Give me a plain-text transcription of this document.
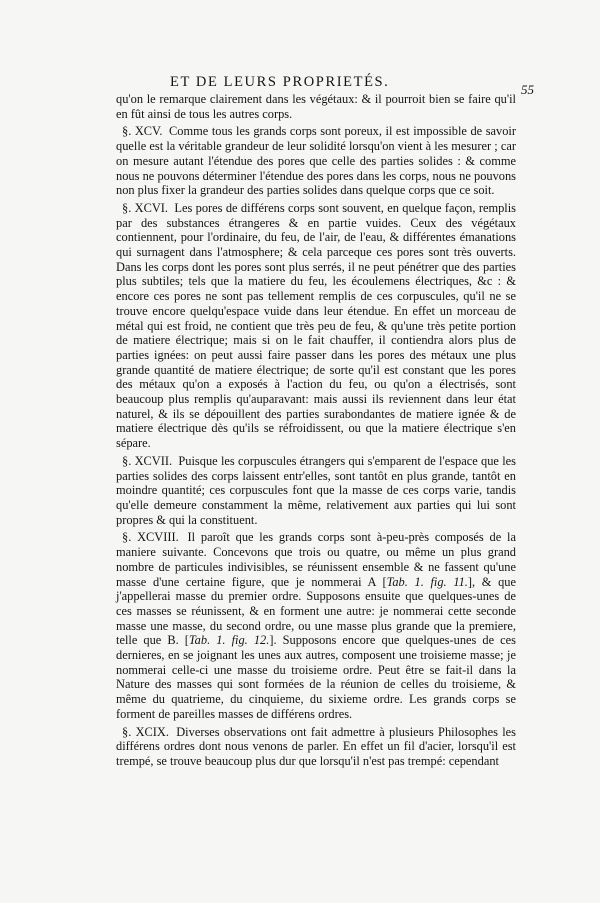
ET DE LEURS PROPRIETÉS.	55

qu'on le remarque clairement dans les végétaux: & il pourroit bien se faire qu'il en fût ainsi de tous les autres corps.

§. XCV. Comme tous les grands corps sont poreux, il est impossible de savoir quelle est la véritable grandeur de leur solidité lorsqu'on vient à les mesurer ; car on mesure autant l'étendue des pores que celle des parties solides : & comme nous ne pouvons déterminer l'étendue des pores dans les corps, nous ne pouvons non plus fixer la grandeur des parties solides dans quelque corps que ce soit.

§. XCVI. Les pores de différens corps sont souvent, en quelque façon, remplis par des substances étrangeres & en partie vuides. Ceux des végétaux contiennent, pour l'ordinaire, du feu, de l'air, de l'eau, & différentes émanations qui surnagent dans l'atmosphere; & cela parceque ces pores sont très ouverts. Dans les corps dont les pores sont plus serrés, il ne peut pénétrer que des parties plus subtiles; tels que la matiere du feu, les écoulemens électriques, &c : & encore ces pores ne sont pas tellement remplis de ces corpuscules, qu'il ne se trouve encore quelqu'espace vuide dans leur étendue. En effet un morceau de métal qui est froid, ne contient que très peu de feu, & qu'une très petite portion de matiere électrique; mais si on le fait chauffer, il contiendra alors plus de parties ignées: on peut aussi faire passer dans les pores des métaux une plus grande quantité de matiere électrique; de sorte qu'il est constant que les pores des métaux qu'on a exposés à l'action du feu, ou qu'on a électrisés, sont beaucoup plus remplis qu'auparavant: mais aussi ils reviennent dans leur état naturel, & ils se dépouillent des parties surabondantes de matiere ignée & de matiere électrique dès qu'ils se réfroidissent, ou que la matiere électrique s'en sépare.

§. XCVII. Puisque les corpuscules étrangers qui s'emparent de l'espace que les parties solides des corps laissent entr'elles, sont tantôt en plus grande, tantôt en moindre quantité; ces corpuscules font que la masse de ces corps varie, tandis qu'elle demeure constamment la même, relativement aux parties qui lui sont propres & qui la constituent.

§. XCVIII. Il paroît que les grands corps sont à-peu-près composés de la maniere suivante. Concevons que trois ou quatre, ou même un plus grand nombre de particules indivisibles, se réunissent ensemble & ne fassent qu'une masse d'une certaine figure, que je nommerai A [Tab. 1. fig. 11.], & que j'appellerai masse du premier ordre. Supposons ensuite que quelques-unes de ces masses se réunissent, & en forment une autre: je nommerai cette seconde masse une masse, du second ordre, ou une masse plus grande que la premiere, telle que B. [Tab. 1. fig. 12.]. Supposons encore que quelques-unes de ces dernieres, en se joignant les unes aux autres, composent une troisieme masse; je nommerai celle-ci une masse du troisieme ordre. Peut être se fait-il dans la Nature des masses qui sont formées de la réunion de celles du troisieme, & même du quatrieme, du cinquieme, du sixieme ordre. Les grands corps se forment de pareilles masses de différens ordres.

§. XCIX. Diverses observations ont fait admettre à plusieurs Philosophes les différens ordres dont nous venons de parler. En effet un fil d'acier, lorsqu'il est trempé, se trouve beaucoup plus dur que lorsqu'il n'est pas trempé: cependant
